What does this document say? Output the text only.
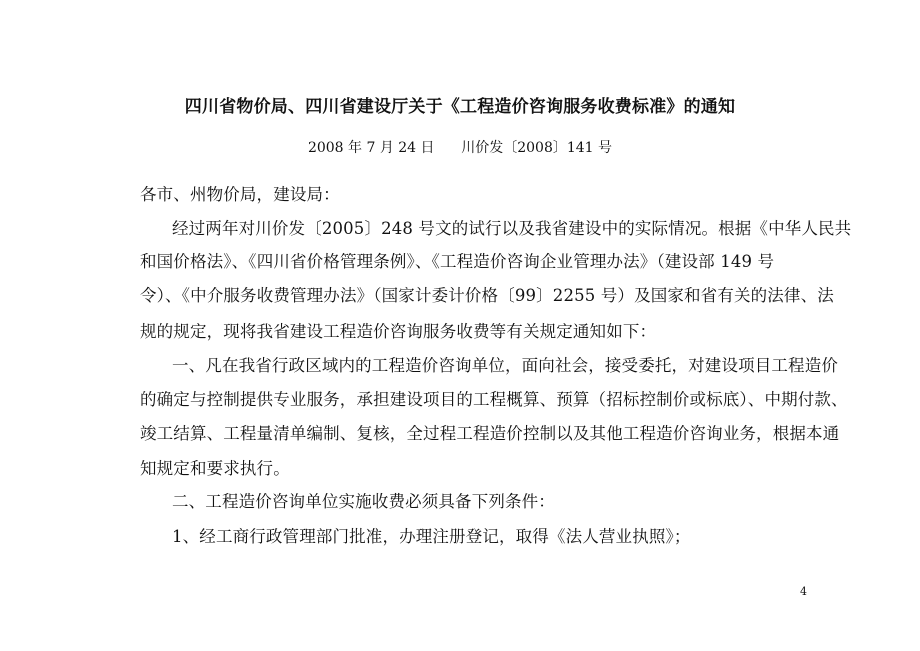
四川省物价局、四川省建设厅关于《工程造价咨询服务收费标准》的通知
2008 年 7 月 24 日      川价发〔2008〕141 号
各市、州物价局，建设局：
经过两年对川价发〔2005〕248 号文的试行以及我省建设中的实际情况。根据《中华人民共
和国价格法》、《四川省价格管理条例》、《工程造价咨询企业管理办法》（建设部 149 号
令）、《中介服务收费管理办法》（国家计委计价格〔99〕2255 号）及国家和省有关的法律、法
规的规定，现将我省建设工程造价咨询服务收费等有关规定通知如下：
一、凡在我省行政区域内的工程造价咨询单位，面向社会，接受委托，对建设项目工程造价
的确定与控制提供专业服务，承担建设项目的工程概算、预算（招标控制价或标底）、中期付款、
竣工结算、工程量清单编制、复核，全过程工程造价控制以及其他工程造价咨询业务，根据本通
知规定和要求执行。
二、工程造价咨询单位实施收费必须具备下列条件：
1、经工商行政管理部门批准，办理注册登记，取得《法人营业执照》；
4
